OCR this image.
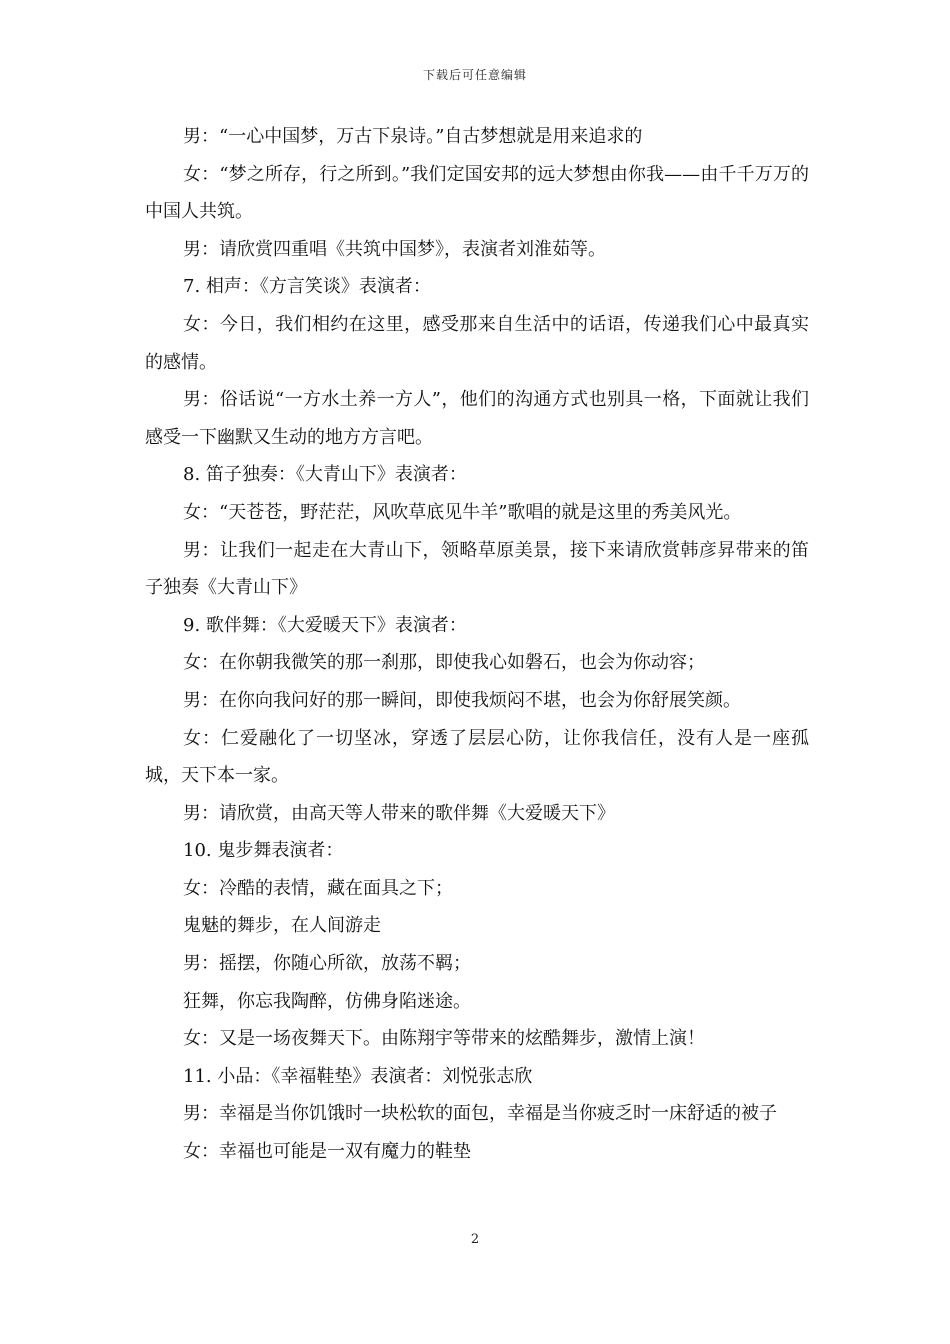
下载后可任意编辑

男：“一心中国梦，万古下泉诗。”自古梦想就是用来追求的

女：“梦之所存，行之所到。”我们定国安邦的远大梦想由你我——由千千万万的中国人共筑。

男：请欣赏四重唱《共筑中国梦》，表演者刘淮茹等。

7. 相声：《方言笑谈》表演者：

女：今日，我们相约在这里，感受那来自生活中的话语，传递我们心中最真实的感情。

男：俗话说“一方水土养一方人”，他们的沟通方式也别具一格，下面就让我们感受一下幽默又生动的地方方言吧。

8. 笛子独奏：《大青山下》表演者：

女：“天苍苍，野茫茫，风吹草底见牛羊”歌唱的就是这里的秀美风光。

男：让我们一起走在大青山下，领略草原美景，接下来请欣赏韩彦昇带来的笛子独奏《大青山下》

9. 歌伴舞：《大爱暖天下》表演者：

女：在你朝我微笑的那一刹那，即使我心如磐石，也会为你动容；

男：在你向我问好的那一瞬间，即使我烦闷不堪，也会为你舒展笑颜。

女：仁爱融化了一切坚冰，穿透了层层心防，让你我信任，没有人是一座孤城，天下本一家。

男：请欣赏，由高天等人带来的歌伴舞《大爱暖天下》

10. 鬼步舞表演者：

女：冷酷的表情，藏在面具之下；

鬼魅的舞步，在人间游走

男：摇摆，你随心所欲，放荡不羁；

狂舞，你忘我陶醉，仿佛身陷迷途。

女：又是一场夜舞天下。由陈翔宇等带来的炫酷舞步，激情上演！

11. 小品：《幸福鞋垫》表演者：刘悦张志欣

男：幸福是当你饥饿时一块松软的面包，幸福是当你疲乏时一床舒适的被子

女：幸福也可能是一双有魔力的鞋垫

2
